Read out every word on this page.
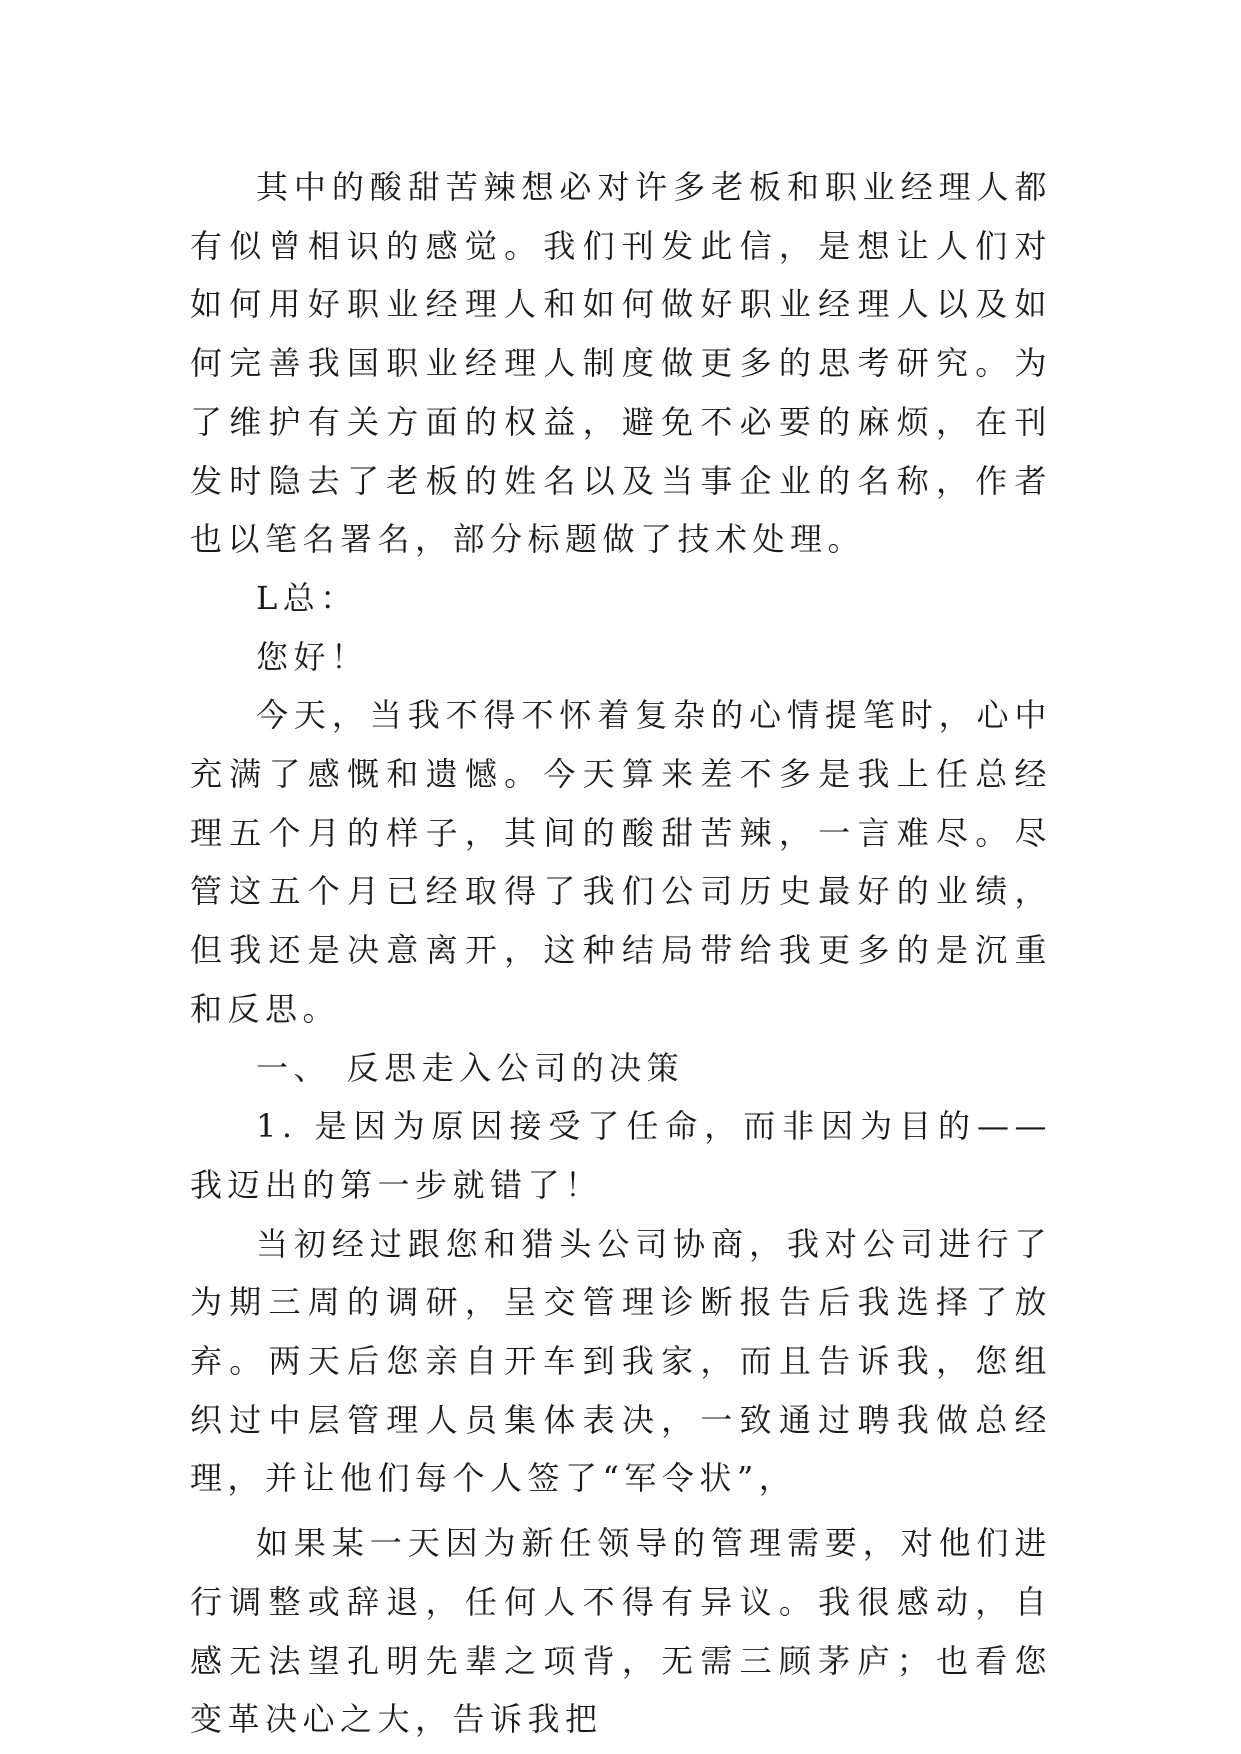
其中的酸甜苦辣想必对许多老板和职业经理人都有似曾相识的感觉。我们刊发此信，是想让人们对如何用好职业经理人和如何做好职业经理人以及如何完善我国职业经理人制度做更多的思考研究。为了维护有关方面的权益，避免不必要的麻烦，在刊发时隐去了老板的姓名以及当事企业的名称，作者也以笔名署名，部分标题做了技术处理。

L总：

您好！

今天，当我不得不怀着复杂的心情提笔时，心中充满了感慨和遗憾。今天算来差不多是我上任总经理五个月的样子，其间的酸甜苦辣，一言难尽。尽管这五个月已经取得了我们公司历史最好的业绩，但我还是决意离开，这种结局带给我更多的是沉重和反思。

一、 反思走入公司的决策

1. 是因为原因接受了任命，而非因为目的——我迈出的第一步就错了！

当初经过跟您和猎头公司协商，我对公司进行了为期三周的调研，呈交管理诊断报告后我选择了放弃。两天后您亲自开车到我家，而且告诉我，您组织过中层管理人员集体表决，一致通过聘我做总经理，并让他们每个人签了“军令状”，

如果某一天因为新任领导的管理需要，对他们进行调整或辞退，任何人不得有异议。我很感动，自感无法望孔明先辈之项背，无需三顾茅庐；也看您变革决心之大，告诉我把
